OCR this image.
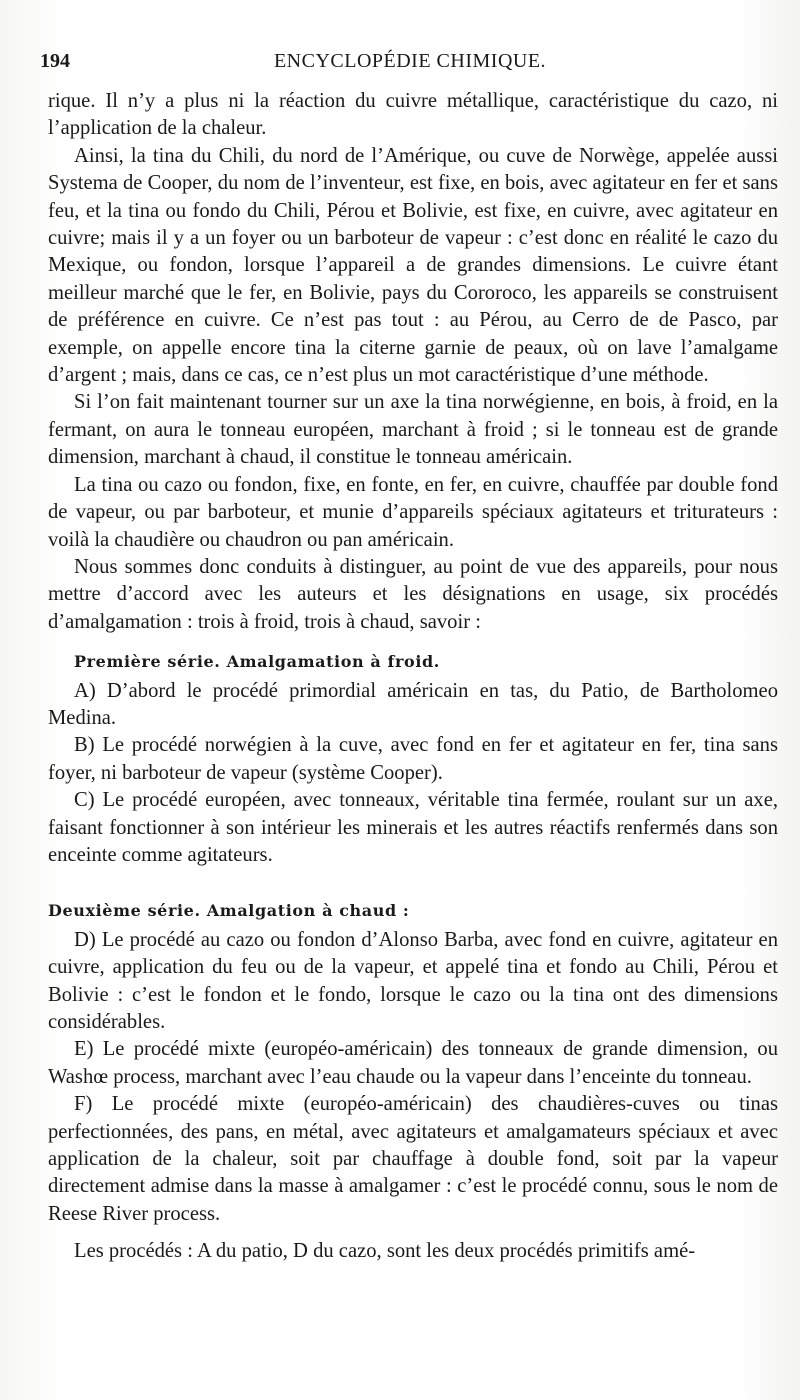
194	ENCYCLOPÉDIE CHIMIQUE.

rique. Il n’y a plus ni la réaction du cuivre métallique, caractéristique du cazo, ni l’application de la chaleur.

Ainsi, la tina du Chili, du nord de l’Amérique, ou cuve de Norwège, appelée aussi Systema de Cooper, du nom de l’inventeur, est fixe, en bois, avec agitateur en fer et sans feu, et la tina ou fondo du Chili, Pérou et Bolivie, est fixe, en cuivre, avec agitateur en cuivre; mais il y a un foyer ou un barboteur de vapeur : c’est donc en réalité le cazo du Mexique, ou fondon, lorsque l’appareil a de grandes dimensions. Le cuivre étant meilleur marché que le fer, en Bolivie, pays du Cororoco, les appareils se construisent de préférence en cuivre. Ce n’est pas tout : au Pérou, au Cerro de de Pasco, par exemple, on appelle encore tina la citerne garnie de peaux, où on lave l’amalgame d’argent ; mais, dans ce cas, ce n’est plus un mot caractéristique d’une méthode.

Si l’on fait maintenant tourner sur un axe la tina norwégienne, en bois, à froid, en la fermant, on aura le tonneau européen, marchant à froid ; si le tonneau est de grande dimension, marchant à chaud, il constitue le tonneau américain.

La tina ou cazo ou fondon, fixe, en fonte, en fer, en cuivre, chauffée par double fond de vapeur, ou par barboteur, et munie d’appareils spéciaux agitateurs et triturateurs : voilà la chaudière ou chaudron ou pan américain.

Nous sommes donc conduits à distinguer, au point de vue des appareils, pour nous mettre d’accord avec les auteurs et les désignations en usage, six procédés d’amalgamation : trois à froid, trois à chaud, savoir :

Première série. Amalgamation à froid.

A) D’abord le procédé primordial américain en tas, du Patio, de Bartholomeo Medina.

B) Le procédé norwégien à la cuve, avec fond en fer et agitateur en fer, tina sans foyer, ni barboteur de vapeur (système Cooper).

C) Le procédé européen, avec tonneaux, véritable tina fermée, roulant sur un axe, faisant fonctionner à son intérieur les minerais et les autres réactifs renfermés dans son enceinte comme agitateurs.

Deuxième série. Amalgation à chaud :

D) Le procédé au cazo ou fondon d’Alonso Barba, avec fond en cuivre, agitateur en cuivre, application du feu ou de la vapeur, et appelé tina et fondo au Chili, Pérou et Bolivie : c’est le fondon et le fondo, lorsque le cazo ou la tina ont des dimensions considérables.

E) Le procédé mixte (européo-américain) des tonneaux de grande dimension, ou Washœ process, marchant avec l’eau chaude ou la vapeur dans l’enceinte du tonneau.

F) Le procédé mixte (européo-américain) des chaudières-cuves ou tinas perfectionnées, des pans, en métal, avec agitateurs et amalgamateurs spéciaux et avec application de la chaleur, soit par chauffage à double fond, soit par la vapeur directement admise dans la masse à amalgamer : c’est le procédé connu, sous le nom de Reese River process.

Les procédés : A du patio, D du cazo, sont les deux procédés primitifs amé-
